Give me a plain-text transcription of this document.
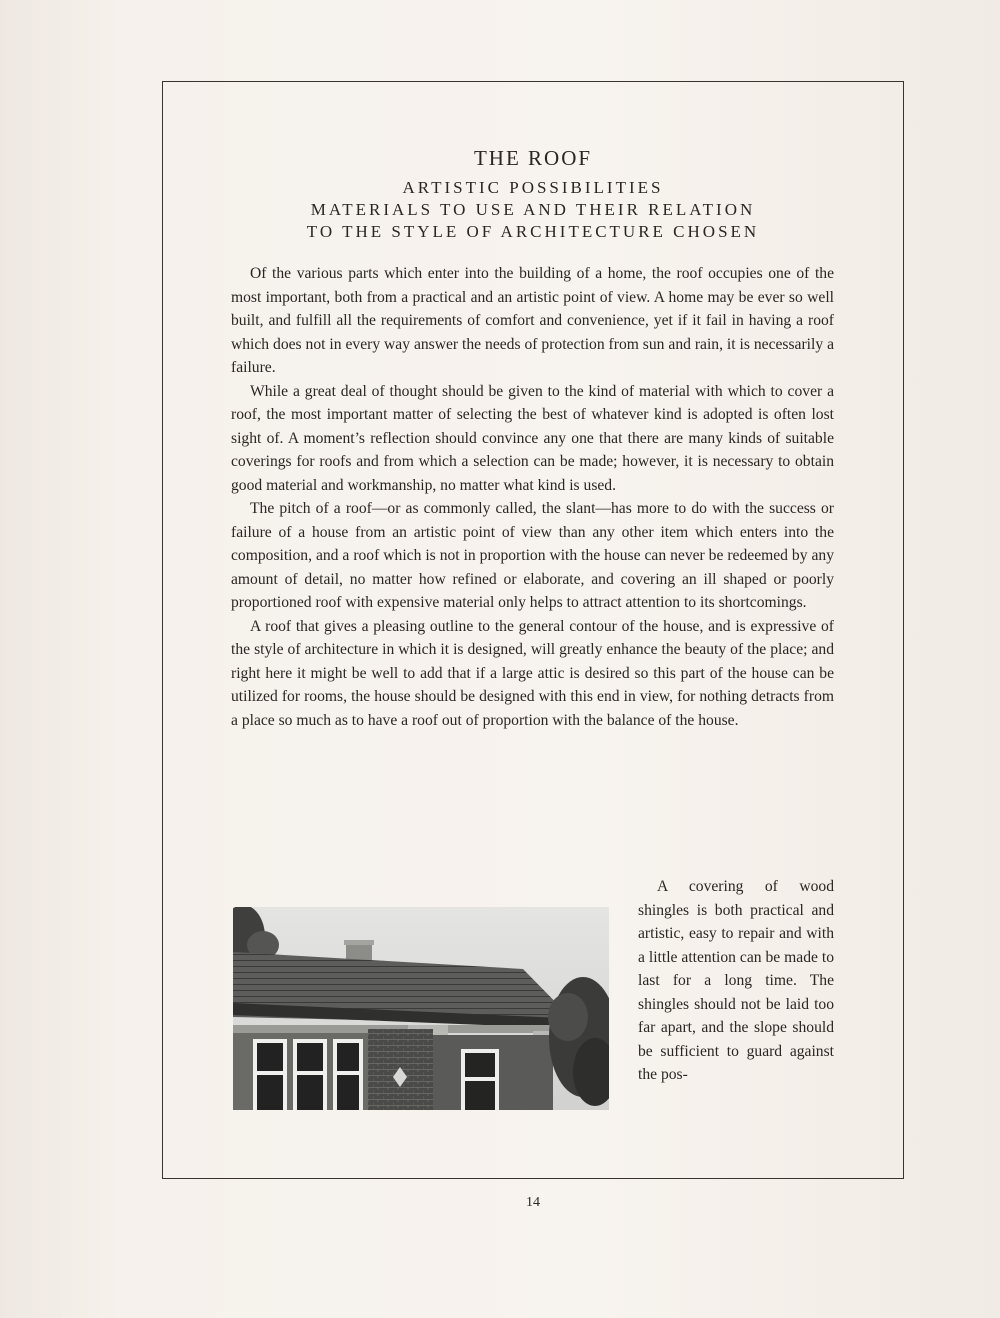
THE ROOF
ARTISTIC POSSIBILITIES
MATERIALS TO USE AND THEIR RELATION
TO THE STYLE OF ARCHITECTURE CHOSEN

Of the various parts which enter into the building of a home, the roof occupies one of the most important, both from a practical and an artistic point of view. A home may be ever so well built, and fulfill all the requirements of comfort and convenience, yet if it fail in having a roof which does not in every way answer the needs of protection from sun and rain, it is necessarily a failure.

While a great deal of thought should be given to the kind of material with which to cover a roof, the most important matter of selecting the best of whatever kind is adopted is often lost sight of. A moment’s reflection should convince any one that there are many kinds of suitable coverings for roofs and from which a selection can be made; however, it is necessary to obtain good material and workmanship, no matter what kind is used.

The pitch of a roof—or as commonly called, the slant—has more to do with the success or failure of a house from an artistic point of view than any other item which enters into the composition, and a roof which is not in proportion with the house can never be redeemed by any amount of detail, no matter how refined or elaborate, and covering an ill shaped or poorly proportioned roof with expensive material only helps to attract attention to its shortcomings.

A roof that gives a pleasing outline to the general contour of the house, and is expressive of the style of architecture in which it is designed, will greatly enhance the beauty of the place; and right here it might be well to add that if a large attic is desired so this part of the house can be utilized for rooms, the house should be designed with this end in view, for nothing detracts from a place so much as to have a roof out of proportion with the balance of the house.

A covering of wood shingles is both practical and artistic, easy to repair and with a little attention can be made to last for a long time. The shingles should not be laid too far apart, and the slope should be sufficient to guard against the pos-

14
